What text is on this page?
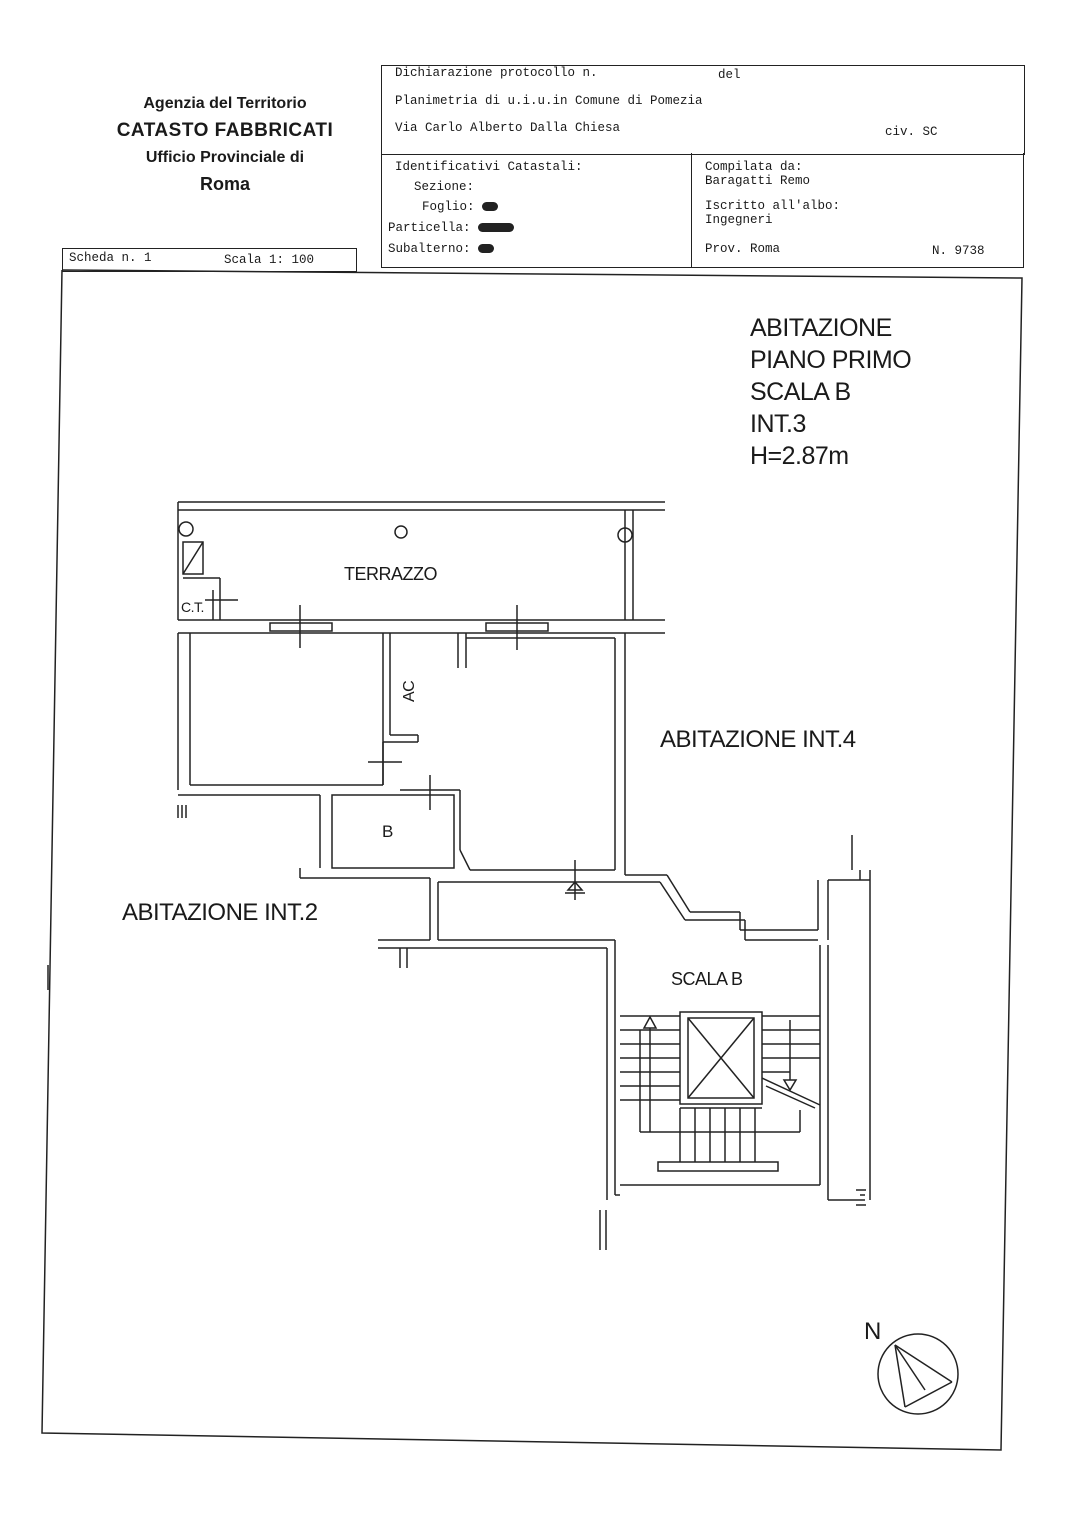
Agenzia del Territorio
CATASTO FABBRICATI
Ufficio Provinciale di
Roma
Dichiarazione protocollo n.	del
Planimetria di u.i.u.in Comune di Pomezia
Via Carlo Alberto Dalla Chiesa	civ. SC
Identificativi Catastali:
Sezione:
Foglio:
Particella:
Subalterno:
Compilata da:
Baragatti Remo
Iscritto all'albo:
Ingegneri
Prov. Roma	N. 9738
Scheda n. 1	Scala 1: 100
ABITAZIONE
PIANO PRIMO
SCALA B
INT.3
H=2.87m
TERRAZZO
C.T.
AC
B
ABITAZIONE INT.4
ABITAZIONE INT.2
SCALA B
N
